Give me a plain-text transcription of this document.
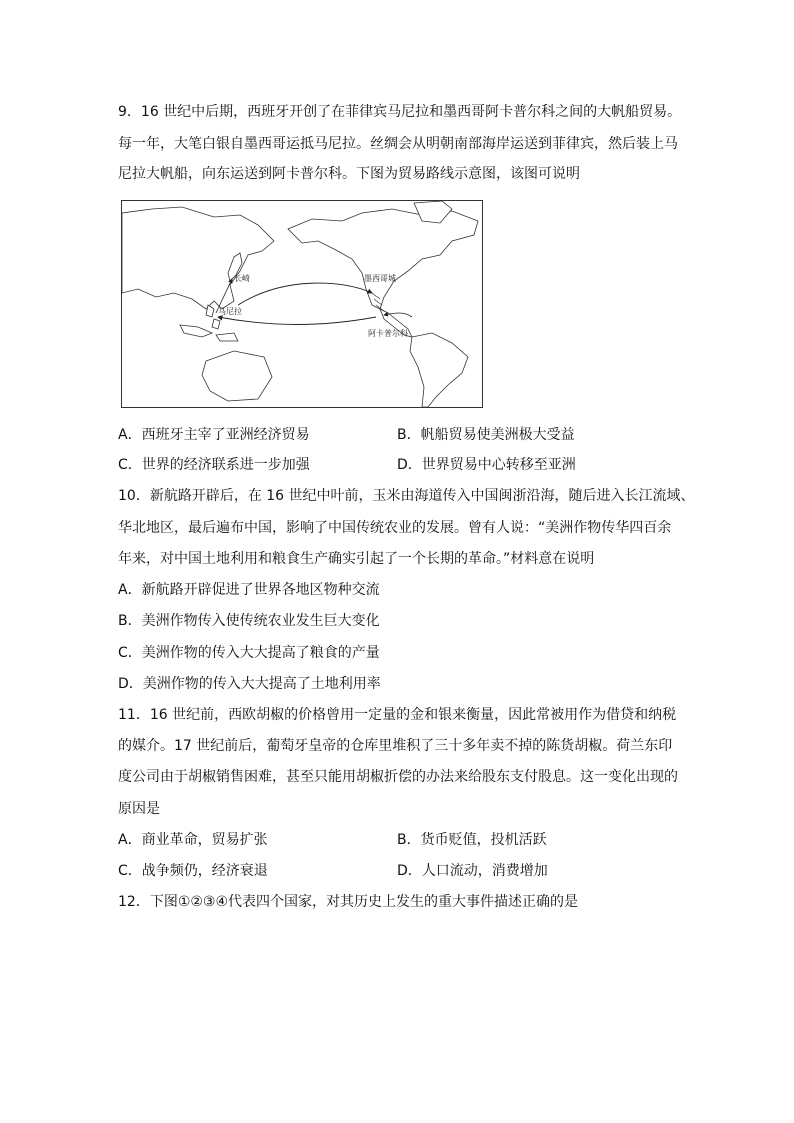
9．16 世纪中后期，西班牙开创了在菲律宾马尼拉和墨西哥阿卡普尔科之间的大帆船贸易。
每一年，大笔白银自墨西哥运抵马尼拉。丝绸会从明朝南部海岸运送到菲律宾，然后装上马
尼拉大帆船，向东运送到阿卡普尔科。下图为贸易路线示意图，该图可说明
长崎	墨西哥城
马尼拉
阿卡普尔科
A．西班牙主宰了亚洲经济贸易	B．帆船贸易使美洲极大受益
C．世界的经济联系进一步加强	D．世界贸易中心转移至亚洲
10．新航路开辟后，在 16 世纪中叶前，玉米由海道传入中国闽浙沿海，随后进入长江流域、
华北地区，最后遍布中国，影响了中国传统农业的发展。曾有人说：“美洲作物传华四百余
年来，对中国土地利用和粮食生产确实引起了一个长期的革命。”材料意在说明
A．新航路开辟促进了世界各地区物种交流
B．美洲作物传入使传统农业发生巨大变化
C．美洲作物的传入大大提高了粮食的产量
D．美洲作物的传入大大提高了土地利用率
11．16 世纪前，西欧胡椒的价格曾用一定量的金和银来衡量，因此常被用作为借贷和纳税
的媒介。17 世纪前后，葡萄牙皇帝的仓库里堆积了三十多年卖不掉的陈货胡椒。荷兰东印
度公司由于胡椒销售困难，甚至只能用胡椒折偿的办法来给股东支付股息。这一变化出现的
原因是
A．商业革命，贸易扩张	B．货币贬值，投机活跃
C．战争频仍，经济衰退	D．人口流动，消费增加
12．下图①②③④代表四个国家，对其历史上发生的重大事件描述正确的是
